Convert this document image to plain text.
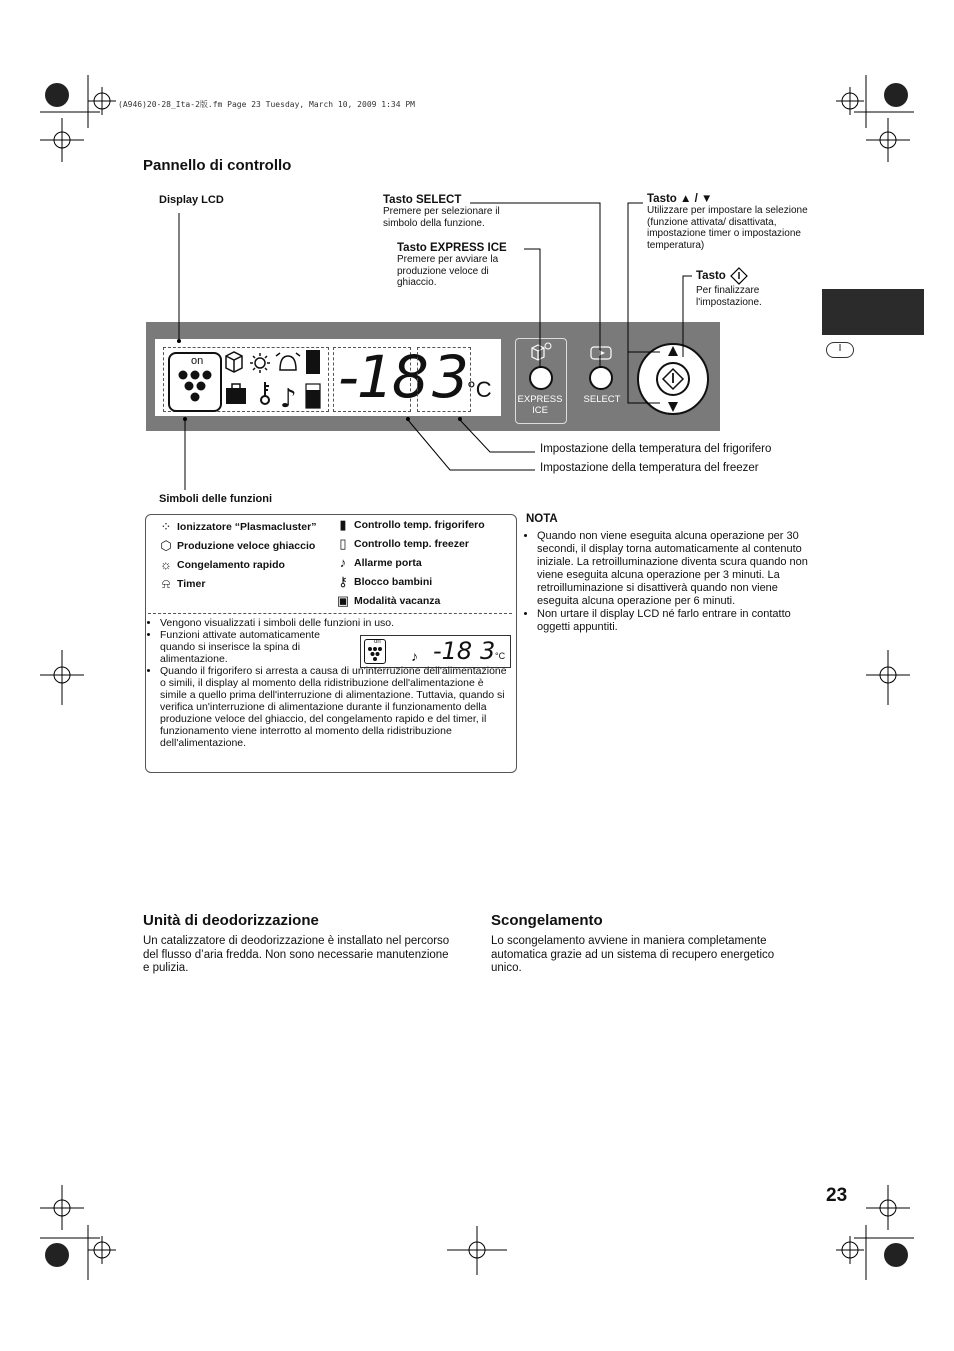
(A946)20-28_Ita-2版.fm Page 23 Tuesday, March 10, 2009 1:34 PM
I
Pannello di controllo
Display LCD	Tasto SELECT
Premere per selezionare il simbolo della funzione.
Tasto EXPRESS ICE
Premere per avviare la produzione veloce di ghiaccio.
Tasto ▲ / ▼
Utilizzare per impostare la selezione (funzione attivata/ disattivata, impostazione timer o impostazione temperatura)
Tasto
Per finalizzare l'impostazione.
on
♪ -18 3
°C	EXPRESS ICE
SELECT
Impostazione della temperatura del frigorifero
Impostazione della temperatura del freezer
Simboli delle funzioni
⁘ Ionizzatore “Plasmacluster”
⬡ Produzione veloce ghiaccio
☼ Congelamento rapido
⍾ Timer
▮ Controllo temp. frigorifero
▯ Controllo temp. freezer
♪ Allarme porta
⚷ Blocco bambini
▣ Modalità vacanza
• Vengono visualizzati i simboli delle funzioni in uso.
• Funzioni attivate automaticamente quando si inserisce la spina di alimentazione.
• Quando il frigorifero si arresta a causa di un'interruzione dell'alimentazione o simili, il display al momento della ridistribuzione dell'alimentazione è simile a quello prima dell'interruzione di alimentazione. Tuttavia, quando si verifica un'interruzione di alimentazione durante il funzionamento della produzione veloce del ghiaccio, del congelamento rapido e del timer, il funzionamento viene interrotto al momento della ridistribuzione dell'alimentazione.
on
♪ -18 3 °C
NOTA
• Quando non viene eseguita alcuna operazione per 30 secondi, il display torna automaticamente al contenuto iniziale. La retroilluminazione diventa scura quando non viene eseguita alcuna operazione per 3 minuti. La retroilluminazione si disattiverà quando non viene eseguita alcuna operazione per 6 minuti.
• Non urtare il display LCD né farlo entrare in contatto oggetti appuntiti.
Unità di deodorizzazione
Un catalizzatore di deodorizzazione è installato nel percorso del flusso d’aria fredda. Non sono necessarie manutenzione e pulizia.
Scongelamento
Lo scongelamento avviene in maniera completamente automatica grazie ad un sistema di recupero energetico unico.
23
